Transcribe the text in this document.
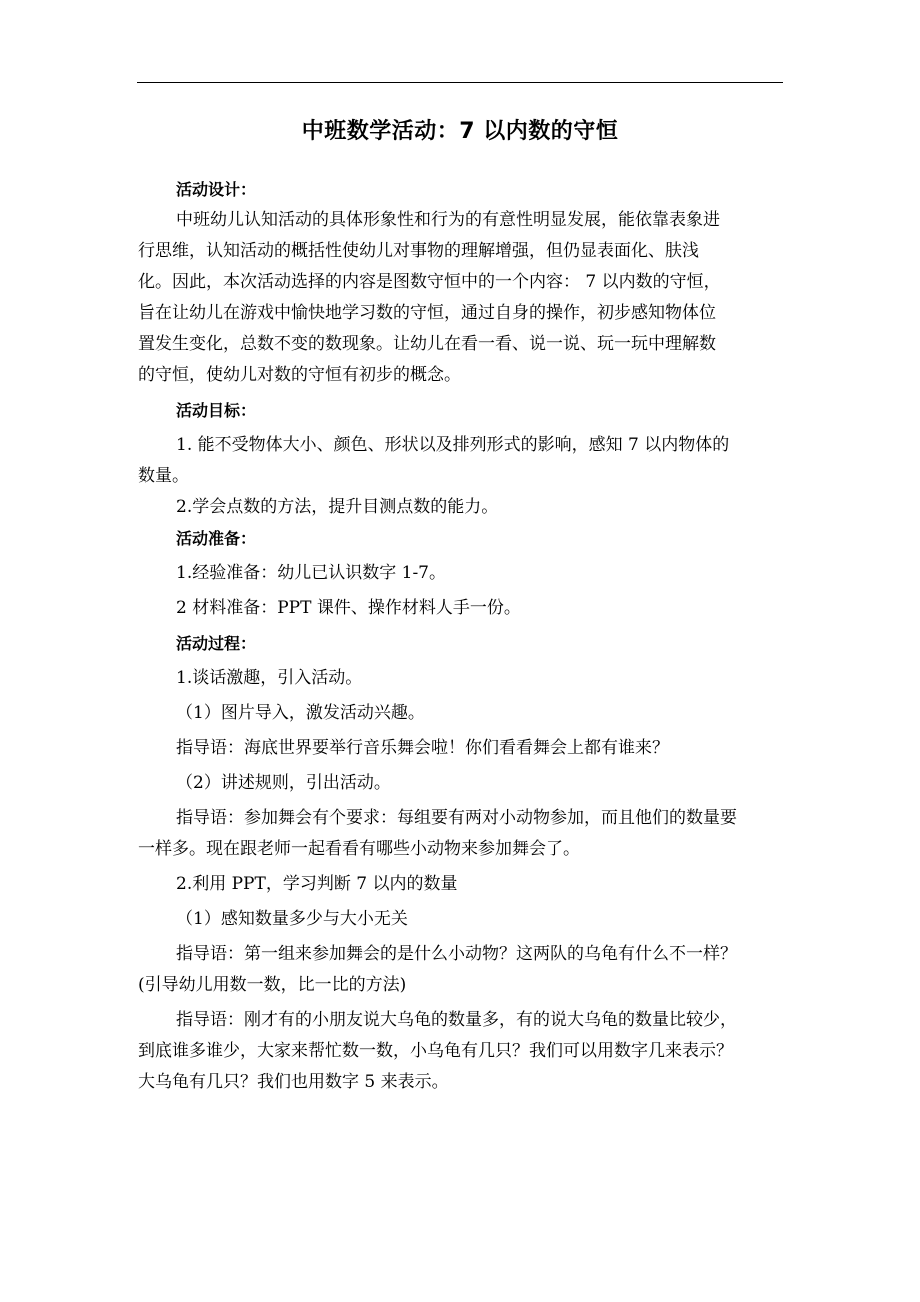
中班数学活动：7 以内数的守恒
活动设计：
中班幼儿认知活动的具体形象性和行为的有意性明显发展，能依靠表象进
行思维，认知活动的概括性使幼儿对事物的理解增强，但仍显表面化、肤浅
化。因此，本次活动选择的内容是图数守恒中的一个内容： 7 以内数的守恒，
旨在让幼儿在游戏中愉快地学习数的守恒，通过自身的操作，初步感知物体位
置发生变化，总数不变的数现象。让幼儿在看一看、说一说、玩一玩中理解数
的守恒，使幼儿对数的守恒有初步的概念。
活动目标：
1. 能不受物体大小、颜色、形状以及排列形式的影响，感知 7 以内物体的
数量。
2.学会点数的方法，提升目测点数的能力。
活动准备：
1.经验准备：幼儿已认识数字 1-7。
2 材料准备：PPT 课件、操作材料人手一份。
活动过程：
1.谈话激趣，引入活动。
（1）图片导入，激发活动兴趣。
指导语：海底世界要举行音乐舞会啦！你们看看舞会上都有谁来？
（2）讲述规则，引出活动。
指导语：参加舞会有个要求：每组要有两对小动物参加，而且他们的数量要
一样多。现在跟老师一起看看有哪些小动物来参加舞会了。
2.利用 PPT，学习判断 7 以内的数量
（1）感知数量多少与大小无关
指导语：第一组来参加舞会的是什么小动物？这两队的乌龟有什么不一样？
(引导幼儿用数一数，比一比的方法)
指导语：刚才有的小朋友说大乌龟的数量多，有的说大乌龟的数量比较少，
到底谁多谁少，大家来帮忙数一数，小乌龟有几只？我们可以用数字几来表示？
大乌龟有几只？我们也用数字 5 来表示。
